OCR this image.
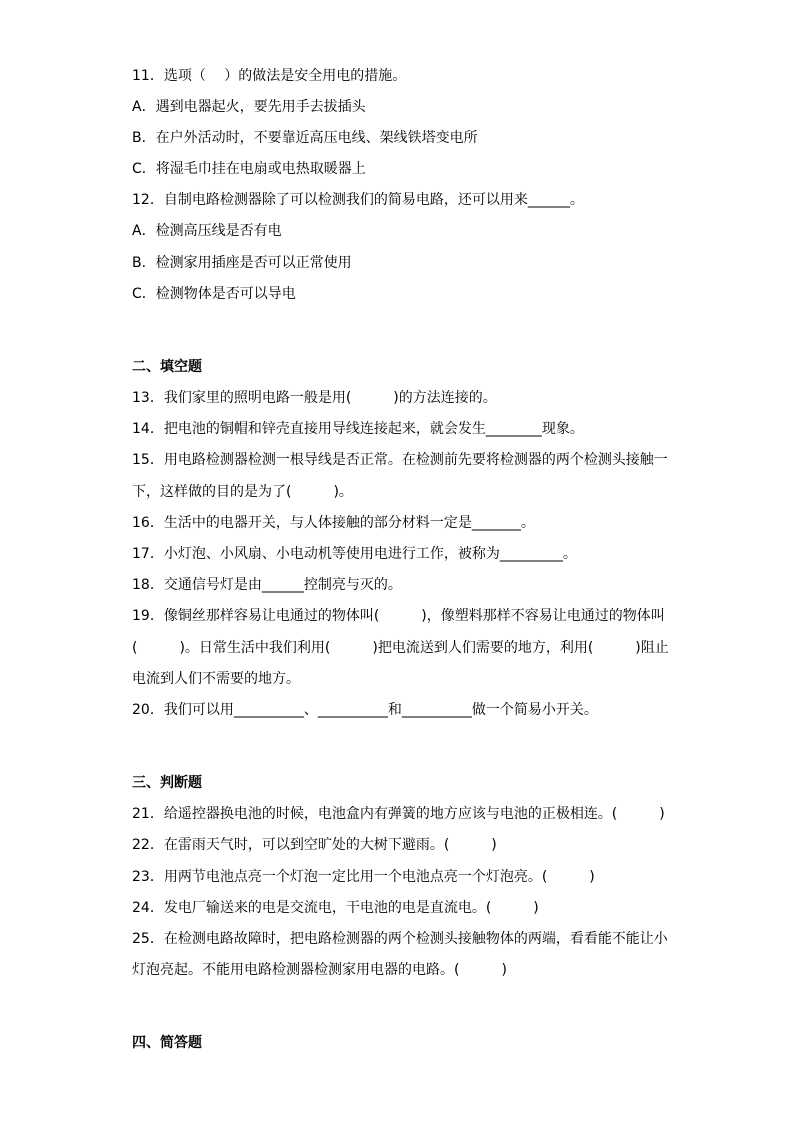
11．选项（　 ）的做法是安全用电的措施。
A．遇到电器起火，要先用手去拔插头
B．在户外活动时，不要靠近高压电线、架线铁塔变电所
C．将湿毛巾挂在电扇或电热取暖器上
12．自制电路检测器除了可以检测我们的简易电路，还可以用来______。
A．检测高压线是否有电
B．检测家用插座是否可以正常使用
C．检测物体是否可以导电
二、填空题
13．我们家里的照明电路一般是用(　　　)的方法连接的。
14．把电池的铜帽和锌壳直接用导线连接起来，就会发生________现象。
15．用电路检测器检测一根导线是否正常。在检测前先要将检测器的两个检测头接触一
下，这样做的目的是为了(　　　)。
16．生活中的电器开关，与人体接触的部分材料一定是_______。
17．小灯泡、小风扇、小电动机等使用电进行工作，被称为_________。
18．交通信号灯是由______控制亮与灭的。
19．像铜丝那样容易让电通过的物体叫(　　　)，像塑料那样不容易让电通过的物体叫
(　　　)。日常生活中我们利用(　　　)把电流送到人们需要的地方，利用(　　　)阻止
电流到人们不需要的地方。
20．我们可以用__________、__________和__________做一个简易小开关。
三、判断题
21．给遥控器换电池的时候，电池盒内有弹簧的地方应该与电池的正极相连。(　　　)
22．在雷雨天气时，可以到空旷处的大树下避雨。(　　　)
23．用两节电池点亮一个灯泡一定比用一个电池点亮一个灯泡亮。(　　　)
24．发电厂输送来的电是交流电，干电池的电是直流电。(　　　)
25．在检测电路故障时，把电路检测器的两个检测头接触物体的两端，看看能不能让小
灯泡亮起。不能用电路检测器检测家用电器的电路。(　　　)
四、简答题
